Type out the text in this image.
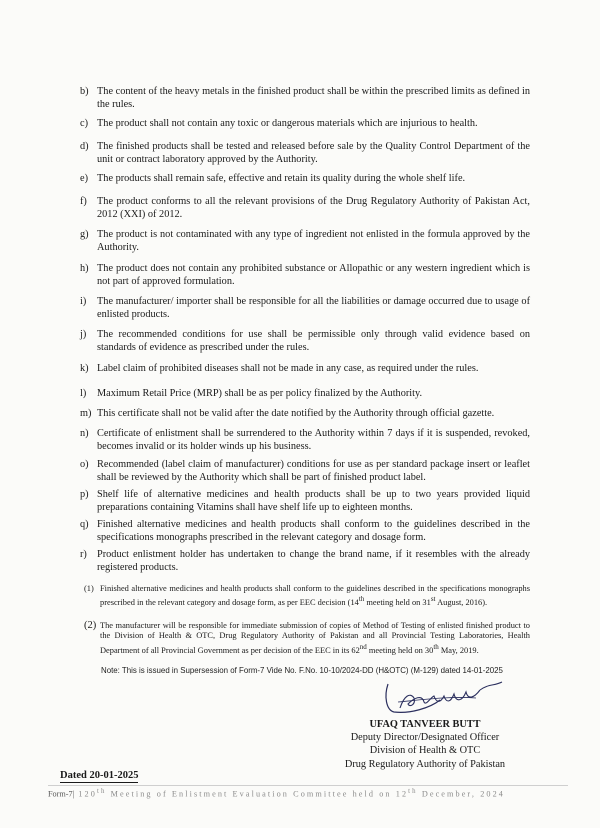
b) The content of the heavy metals in the finished product shall be within the prescribed limits as defined in the rules.
c) The product shall not contain any toxic or dangerous materials which are injurious to health.
d) The finished products shall be tested and released before sale by the Quality Control Department of the unit or contract laboratory approved by the Authority.
e) The products shall remain safe, effective and retain its quality during the whole shelf life.
f) The product conforms to all the relevant provisions of the Drug Regulatory Authority of Pakistan Act, 2012 (XXI) of 2012.
g) The product is not contaminated with any type of ingredient not enlisted in the formula approved by the Authority.
h) The product does not contain any prohibited substance or Allopathic or any western ingredient which is not part of approved formulation.
i) The manufacturer/ importer shall be responsible for all the liabilities or damage occurred due to usage of enlisted products.
j) The recommended conditions for use shall be permissible only through valid evidence based on standards of evidence as prescribed under the rules.
k) Label claim of prohibited diseases shall not be made in any case, as required under the rules.
l) Maximum Retail Price (MRP) shall be as per policy finalized by the Authority.
m) This certificate shall not be valid after the date notified by the Authority through official gazette.
n) Certificate of enlistment shall be surrendered to the Authority within 7 days if it is suspended, revoked, becomes invalid or its holder winds up his business.
o) Recommended (label claim of manufacturer) conditions for use as per standard package insert or leaflet shall be reviewed by the Authority which shall be part of finished product label.
p) Shelf life of alternative medicines and health products shall be up to two years provided liquid preparations containing Vitamins shall have shelf life up to eighteen months.
q) Finished alternative medicines and health products shall conform to the guidelines described in the specifications monographs prescribed in the relevant category and dosage form.
r) Product enlistment holder has undertaken to change the brand name, if it resembles with the already registered products.
(1) Finished alternative medicines and health products shall conform to the guidelines described in the specifications monographs prescribed in the relevant category and dosage form, as per EEC decision (14th meeting held on 31st August, 2016).
(2) The manufacturer will be responsible for immediate submission of copies of Method of Testing of enlisted finished product to the Division of Health & OTC, Drug Regulatory Authority of Pakistan and all Provincial Testing Laboratories, Health Department of all Provincial Government as per decision of the EEC in its 62nd meeting held on 30th May, 2019.
Note: This is issued in Supersession of Form-7 Vide No. F.No. 10-10/2024-DD (H&OTC) (M-129) dated 14-01-2025
UFAQ TANVEER BUTT
Deputy Director/Designated Officer
Division of Health & OTC
Drug Regulatory Authority of Pakistan
Dated 20-01-2025
Form-7| 120th Meeting of Enlistment Evaluation Committee held on 12th December, 2024
